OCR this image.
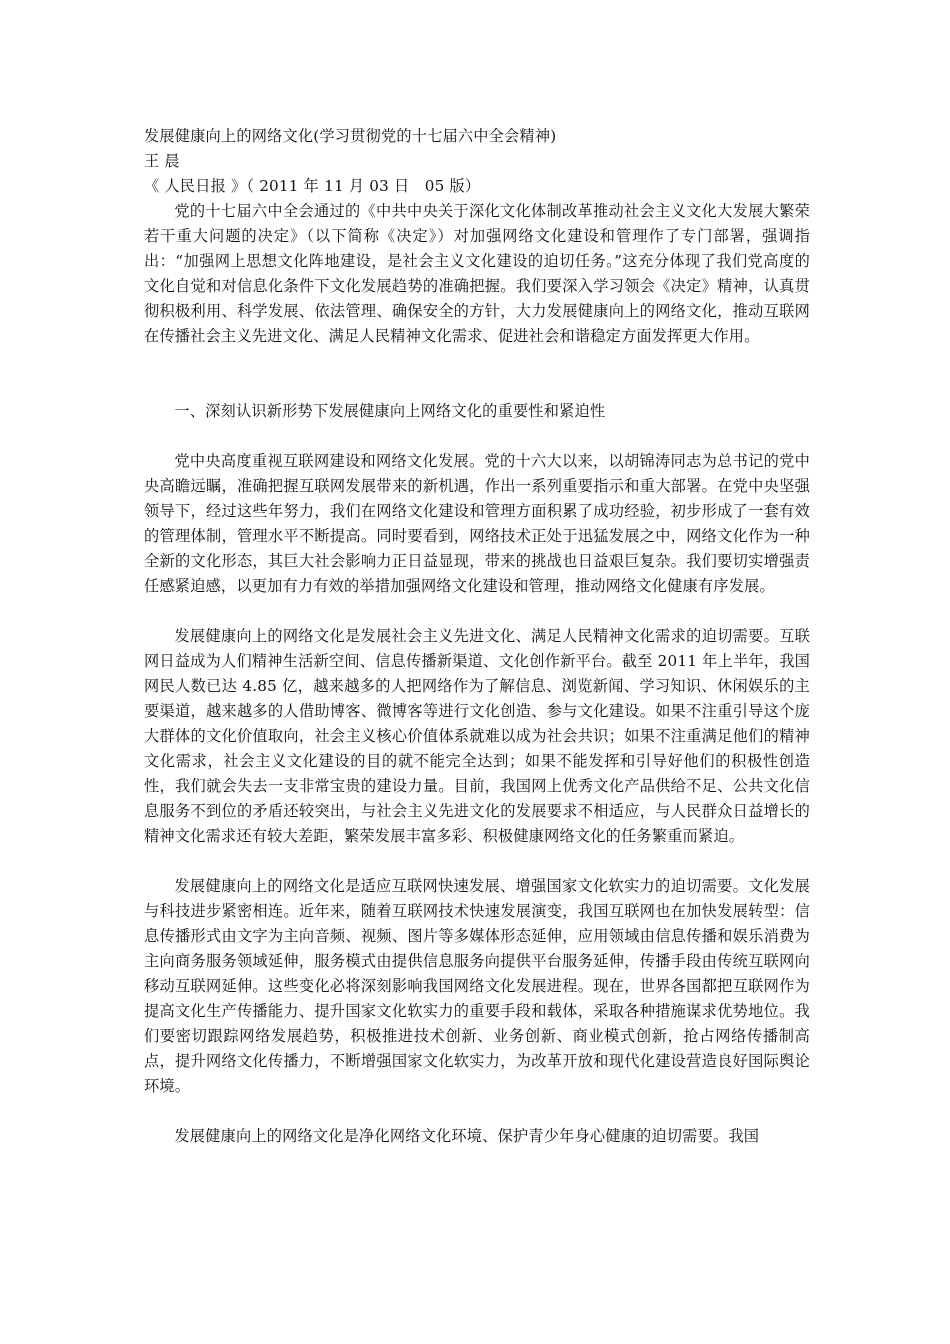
发展健康向上的网络文化(学习贯彻党的十七届六中全会精神)
王 晨
《 人民日报 》（ 2011 年 11 月 03 日　05 版）

党的十七届六中全会通过的《中共中央关于深化文化体制改革推动社会主义文化大发展大繁荣若干重大问题的决定》（以下简称《决定》）对加强网络文化建设和管理作了专门部署，强调指出：“加强网上思想文化阵地建设，是社会主义文化建设的迫切任务。”这充分体现了我们党高度的文化自觉和对信息化条件下文化发展趋势的准确把握。我们要深入学习领会《决定》精神，认真贯彻积极利用、科学发展、依法管理、确保安全的方针，大力发展健康向上的网络文化，推动互联网在传播社会主义先进文化、满足人民精神文化需求、促进社会和谐稳定方面发挥更大作用。

一、深刻认识新形势下发展健康向上网络文化的重要性和紧迫性

党中央高度重视互联网建设和网络文化发展。党的十六大以来，以胡锦涛同志为总书记的党中央高瞻远瞩，准确把握互联网发展带来的新机遇，作出一系列重要指示和重大部署。在党中央坚强领导下，经过这些年努力，我们在网络文化建设和管理方面积累了成功经验，初步形成了一套有效的管理体制，管理水平不断提高。同时要看到，网络技术正处于迅猛发展之中，网络文化作为一种全新的文化形态，其巨大社会影响力正日益显现，带来的挑战也日益艰巨复杂。我们要切实增强责任感紧迫感，以更加有力有效的举措加强网络文化建设和管理，推动网络文化健康有序发展。

发展健康向上的网络文化是发展社会主义先进文化、满足人民精神文化需求的迫切需要。互联网日益成为人们精神生活新空间、信息传播新渠道、文化创作新平台。截至 2011 年上半年，我国网民人数已达 4.85 亿，越来越多的人把网络作为了解信息、浏览新闻、学习知识、休闲娱乐的主要渠道，越来越多的人借助博客、微博客等进行文化创造、参与文化建设。如果不注重引导这个庞大群体的文化价值取向，社会主义核心价值体系就难以成为社会共识；如果不注重满足他们的精神文化需求，社会主义文化建设的目的就不能完全达到；如果不能发挥和引导好他们的积极性创造性，我们就会失去一支非常宝贵的建设力量。目前，我国网上优秀文化产品供给不足、公共文化信息服务不到位的矛盾还较突出，与社会主义先进文化的发展要求不相适应，与人民群众日益增长的精神文化需求还有较大差距，繁荣发展丰富多彩、积极健康网络文化的任务繁重而紧迫。

发展健康向上的网络文化是适应互联网快速发展、增强国家文化软实力的迫切需要。文化发展与科技进步紧密相连。近年来，随着互联网技术快速发展演变，我国互联网也在加快发展转型：信息传播形式由文字为主向音频、视频、图片等多媒体形态延伸，应用领域由信息传播和娱乐消费为主向商务服务领域延伸，服务模式由提供信息服务向提供平台服务延伸，传播手段由传统互联网向移动互联网延伸。这些变化必将深刻影响我国网络文化发展进程。现在，世界各国都把互联网作为提高文化生产传播能力、提升国家文化软实力的重要手段和载体，采取各种措施谋求优势地位。我们要密切跟踪网络发展趋势，积极推进技术创新、业务创新、商业模式创新，抢占网络传播制高点，提升网络文化传播力，不断增强国家文化软实力，为改革开放和现代化建设营造良好国际舆论环境。

发展健康向上的网络文化是净化网络文化环境、保护青少年身心健康的迫切需要。我国
